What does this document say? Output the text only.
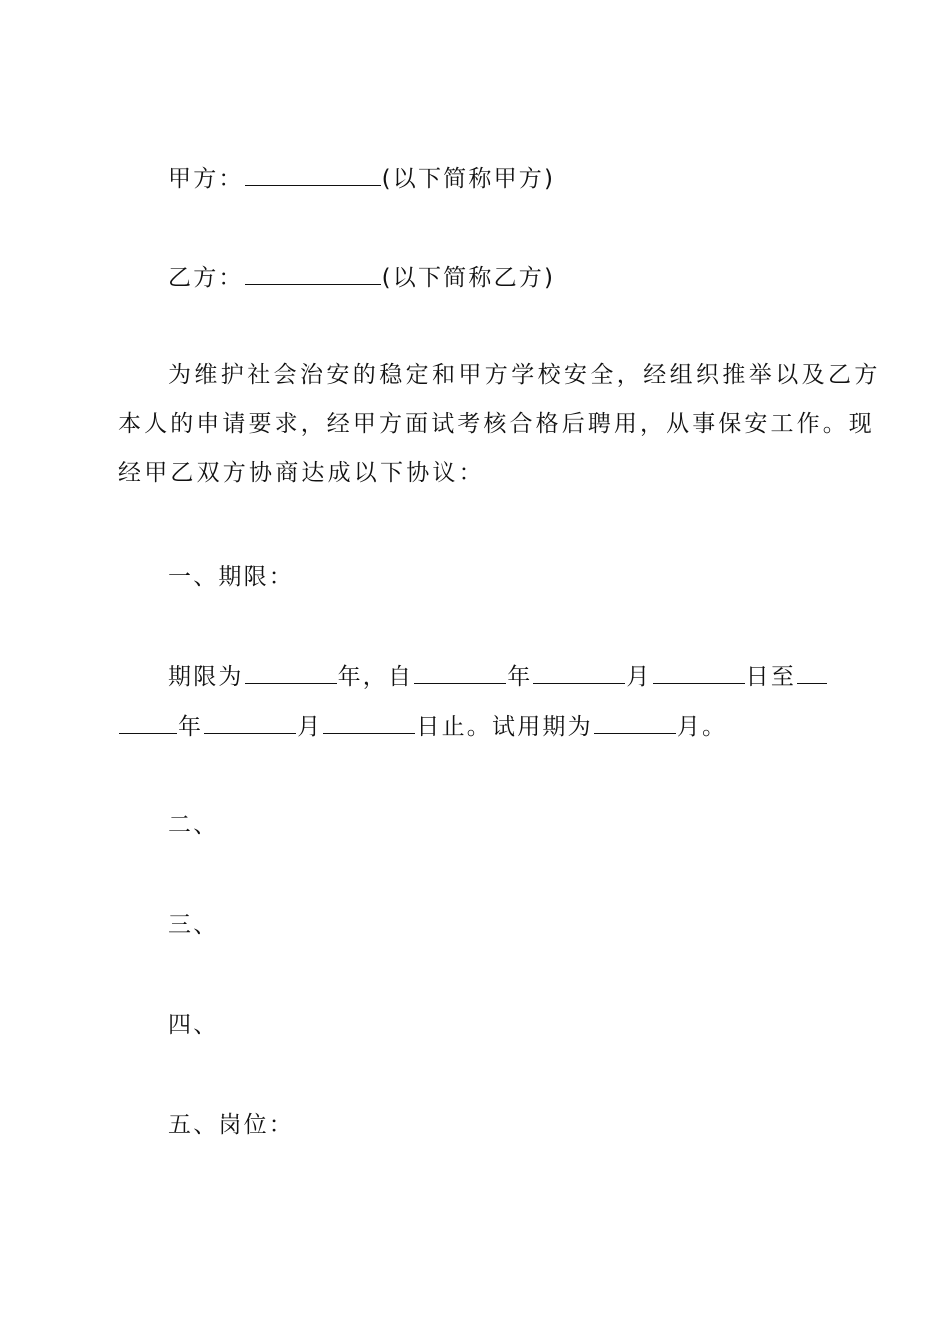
甲方：	(以下简称甲方)
乙方：	(以下简称乙方)
为维护社会治安的稳定和甲方学校安全，经组织推举以及乙方
本人的申请要求，经甲方面试考核合格后聘用，从事保安工作。现
经甲乙双方协商达成以下协议：
一、期限：
期限为	年，自	年	月	日至
年	月	日止。试用期为	月。
二、
三、
四、
五、岗位：
